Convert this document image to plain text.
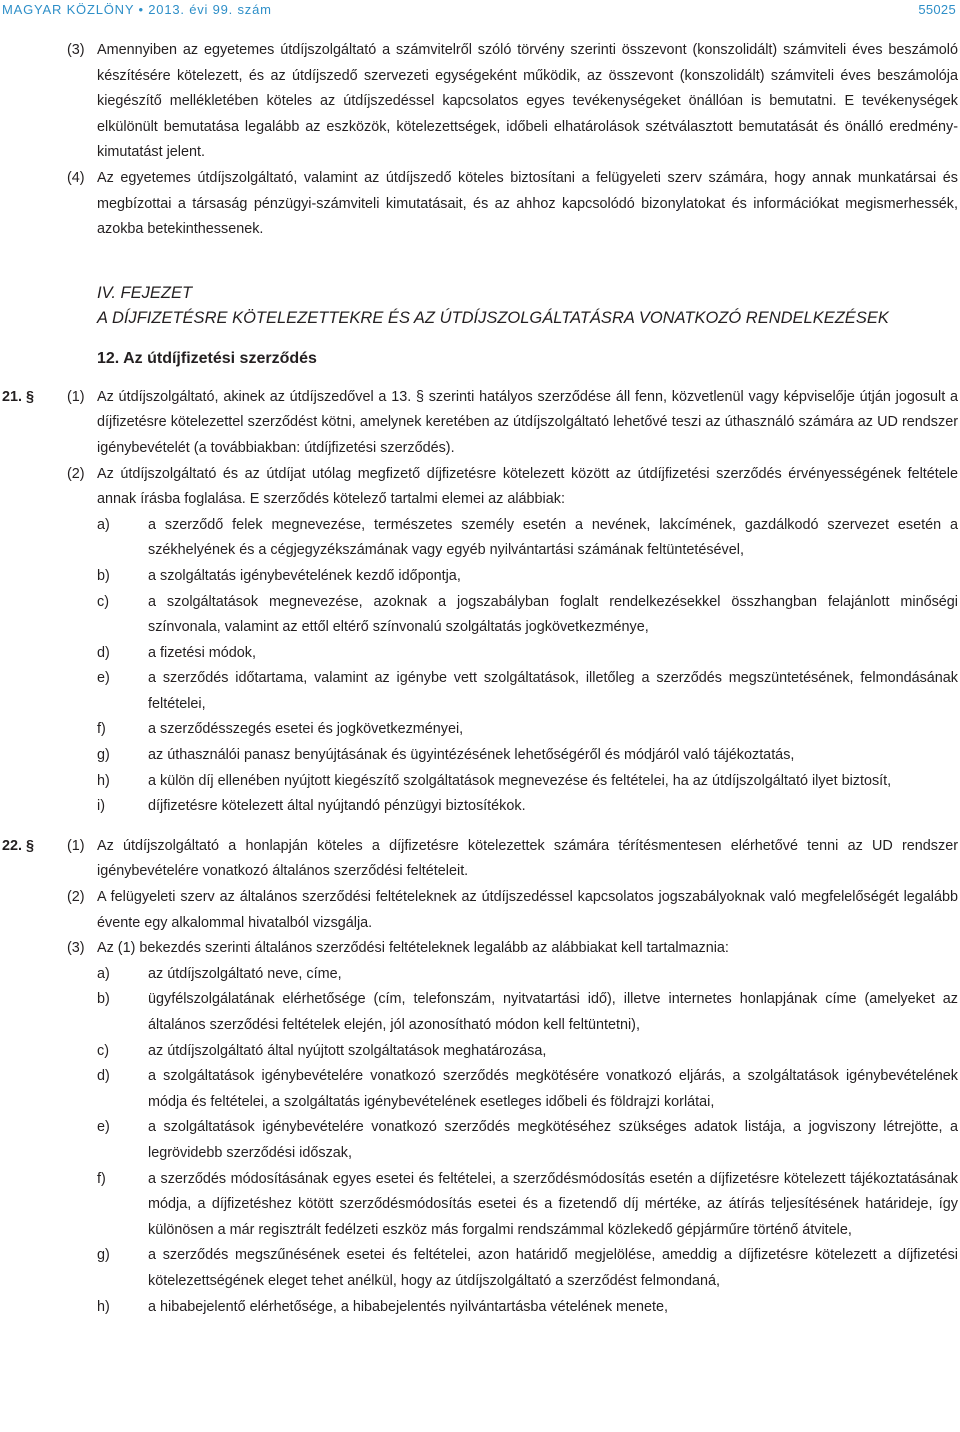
MAGYAR KÖZLÖNY • 2013. évi 99. szám	55025
(3) Amennyiben az egyetemes útdíjszolgáltató a számvitelről szóló törvény szerinti összevont (konszolidált) számviteli éves beszámoló készítésére kötelezett, és az útdíjszedő szervezeti egységeként működik, az összevont (konszolidált) számviteli éves beszámolója kiegészítő mellékletében köteles az útdíjszedéssel kapcsolatos egyes tevékenységeket önállóan is bemutatni. E tevékenységek elkülönült bemutatása legalább az eszközök, kötelezettségek, időbeli elhatárolások szétválasztott bemutatását és önálló eredmény-kimutatást jelent.
(4) Az egyetemes útdíjszolgáltató, valamint az útdíjszedő köteles biztosítani a felügyeleti szerv számára, hogy annak munkatársai és megbízottai a társaság pénzügyi-számviteli kimutatásait, és az ahhoz kapcsolódó bizonylatokat és információkat megismerhessék, azokba betekinthessenek.
IV. FEJEZET
A DÍJFIZETÉSRE KÖTELEZETTEKRE ÉS AZ ÚTDÍJSZOLGÁLTATÁSRA VONATKOZÓ RENDELKEZÉSEK
12. Az útdíjfizetési szerződés
21. § (1) Az útdíjszolgáltató, akinek az útdíjszedővel a 13. § szerinti hatályos szerződése áll fenn, közvetlenül vagy képviselője útján jogosult a díjfizetésre kötelezettel szerződést kötni, amelynek keretében az útdíjszolgáltató lehetővé teszi az úthasználó számára az UD rendszer igénybevételét (a továbbiakban: útdíjfizetési szerződés).
(2) Az útdíjszolgáltató és az útdíjat utólag megfizető díjfizetésre kötelezett között az útdíjfizetési szerződés érvényességének feltétele annak írásba foglalása. E szerződés kötelező tartalmi elemei az alábbiak:
a)	a szerződő felek megnevezése, természetes személy esetén a nevének, lakcímének, gazdálkodó szervezet esetén a székhelyének és a cégjegyzékszámának vagy egyéb nyilvántartási számának feltüntetésével,
b)	a szolgáltatás igénybevételének kezdő időpontja,
c)	a szolgáltatások megnevezése, azoknak a jogszabályban foglalt rendelkezésekkel összhangban felajánlott minőségi színvonala, valamint az ettől eltérő színvonalú szolgáltatás jogkövetkezménye,
d)	a fizetési módok,
e)	a szerződés időtartama, valamint az igénybe vett szolgáltatások, illetőleg a szerződés megszüntetésének, felmondásának feltételei,
f)	a szerződésszegés esetei és jogkövetkezményei,
g)	az úthasználói panasz benyújtásának és ügyintézésének lehetőségéről és módjáról való tájékoztatás,
h)	a külön díj ellenében nyújtott kiegészítő szolgáltatások megnevezése és feltételei, ha az útdíjszolgáltató ilyet biztosít,
i)	díjfizetésre kötelezett által nyújtandó pénzügyi biztosítékok.
22. § (1) Az útdíjszolgáltató a honlapján köteles a díjfizetésre kötelezettek számára térítésmentesen elérhetővé tenni az UD rendszer igénybevételére vonatkozó általános szerződési feltételeit.
(2) A felügyeleti szerv az általános szerződési feltételeknek az útdíjszedéssel kapcsolatos jogszabályoknak való megfelelőségét legalább évente egy alkalommal hivatalból vizsgálja.
(3) Az (1) bekezdés szerinti általános szerződési feltételeknek legalább az alábbiakat kell tartalmaznia:
a)	az útdíjszolgáltató neve, címe,
b)	ügyfélszolgálatának elérhetősége (cím, telefonszám, nyitvatartási idő), illetve internetes honlapjának címe (amelyeket az általános szerződési feltételek elején, jól azonosítható módon kell feltüntetni),
c)	az útdíjszolgáltató által nyújtott szolgáltatások meghatározása,
d)	a szolgáltatások igénybevételére vonatkozó szerződés megkötésére vonatkozó eljárás, a szolgáltatások igénybevételének módja és feltételei, a szolgáltatás igénybevételének esetleges időbeli és földrajzi korlátai,
e)	a szolgáltatások igénybevételére vonatkozó szerződés megkötéséhez szükséges adatok listája, a jogviszony létrejötte, a legrövidebb szerződési időszak,
f)	a szerződés módosításának egyes esetei és feltételei, a szerződésmódosítás esetén a díjfizetésre kötelezett tájékoztatásának módja, a díjfizetéshez kötött szerződésmódosítás esetei és a fizetendő díj mértéke, az átírás teljesítésének határideje, így különösen a már regisztrált fedélzeti eszköz más forgalmi rendszámmal közlekedő gépjárműre történő átvitele,
g)	a szerződés megszűnésének esetei és feltételei, azon határidő megjelölése, ameddig a díjfizetésre kötelezett a díjfizetési kötelezettségének eleget tehet anélkül, hogy az útdíjszolgáltató a szerződést felmondaná,
h)	a hibabejelentő elérhetősége, a hibabejelentés nyilvántartásba vételének menete,
